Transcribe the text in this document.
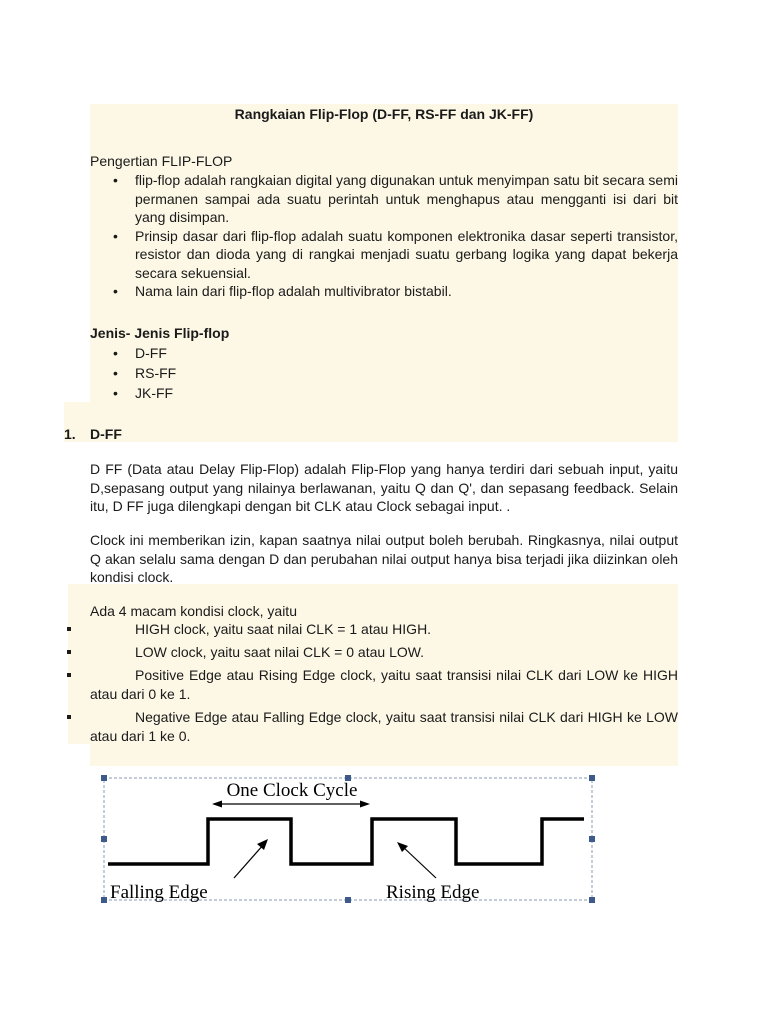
Rangkaian Flip-Flop (D-FF, RS-FF dan JK-FF)
Pengertian FLIP-FLOP
• flip-flop adalah rangkaian digital yang digunakan untuk menyimpan satu bit secara semi permanen sampai ada suatu perintah untuk menghapus atau mengganti isi dari bit yang disimpan.
• Prinsip dasar dari flip-flop adalah suatu komponen elektronika dasar seperti transistor, resistor dan dioda yang di rangkai menjadi suatu gerbang logika yang dapat bekerja secara sekuensial.
• Nama lain dari flip-flop adalah multivibrator bistabil.
Jenis- Jenis Flip-flop
• D-FF
• RS-FF
• JK-FF
1. D-FF
D FF (Data atau Delay Flip-Flop) adalah Flip-Flop yang hanya terdiri dari sebuah input, yaitu D,sepasang output yang nilainya berlawanan, yaitu Q dan Q', dan sepasang feedback. Selain itu, D FF juga dilengkapi dengan bit CLK atau Clock sebagai input. .
Clock ini memberikan izin, kapan saatnya nilai output boleh berubah. Ringkasnya, nilai output Q akan selalu sama dengan D dan perubahan nilai output hanya bisa terjadi jika diizinkan oleh kondisi clock.
Ada 4 macam kondisi clock, yaitu
HIGH clock, yaitu saat nilai CLK = 1 atau HIGH.
LOW clock, yaitu saat nilai CLK = 0 atau LOW.
Positive Edge atau Rising Edge clock, yaitu saat transisi nilai CLK dari LOW ke HIGH atau dari 0 ke 1.
Negative Edge atau Falling Edge clock, yaitu saat transisi nilai CLK dari HIGH ke LOW atau dari 1 ke 0.
One Clock Cycle
Falling Edge	Rising Edge
